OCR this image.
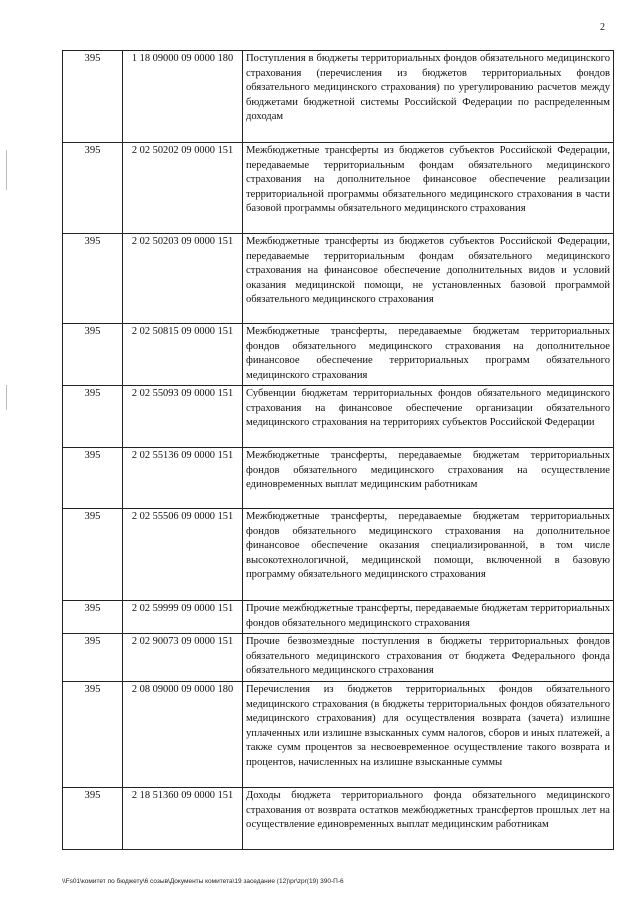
2
395	1 18 09000 09 0000 180	Поступления в бюджеты территориальных фондов обязательного медицинского страхования (перечисления из бюджетов территориальных фондов обязательного медицинского страхования) по урегулированию расчетов между бюджетами бюджетной системы Российской Федерации по распределенным доходам
395	2 02 50202 09 0000 151	Межбюджетные трансферты из бюджетов субъектов Российской Федерации, передаваемые территориальным фондам обязательного медицинского страхования на дополнительное финансовое обеспечение реализации территориальной программы обязательного медицинского страхования в части базовой программы обязательного медицинского страхования
395	2 02 50203 09 0000 151	Межбюджетные трансферты из бюджетов субъектов Российской Федерации, передаваемые территориальным фондам обязательного медицинского страхования на финансовое обеспечение дополнительных видов и условий оказания медицинской помощи, не установленных базовой программой обязательного медицинского страхования
395	2 02 50815 09 0000 151	Межбюджетные трансферты, передаваемые бюджетам территориальных фондов обязательного медицинского страхования на дополнительное финансовое обеспечение территориальных программ обязательного медицинского страхования
395	2 02 55093 09 0000 151	Субвенции бюджетам территориальных фондов обязательного медицинского страхования на финансовое обеспечение организации обязательного медицинского страхования на территориях субъектов Российской Федерации
395	2 02 55136 09 0000 151	Межбюджетные трансферты, передаваемые бюджетам территориальных фондов обязательного медицинского страхования на осуществление единовременных выплат медицинским работникам
395	2 02 55506 09 0000 151	Межбюджетные трансферты, передаваемые бюджетам территориальных фондов обязательного медицинского страхования на дополнительное финансовое обеспечение оказания специализированной, в том числе высокотехнологичной, медицинской помощи, включенной в базовую программу обязательного медицинского страхования
395	2 02 59999 09 0000 151	Прочие межбюджетные трансферты, передаваемые бюджетам территориальных фондов обязательного медицинского страхования
395	2 02 90073 09 0000 151	Прочие безвозмездные поступления в бюджеты территориальных фондов обязательного медицинского страхования от бюджета Федерального фонда обязательного медицинского страхования
395	2 08 09000 09 0000 180	Перечисления из бюджетов территориальных фондов обязательного медицинского страхования (в бюджеты территориальных фондов обязательного медицинского страхования) для осуществления возврата (зачета) излишне уплаченных или излишне взысканных сумм налогов, сборов и иных платежей, а также сумм процентов за несвоевременное осуществление такого возврата и процентов, начисленных на излишне взысканные суммы
395	2 18 51360 09 0000 151	Доходы бюджета территориального фонда обязательного медицинского страхования от возврата остатков межбюджетных трансфертов прошлых лет на осуществление единовременных выплат медицинским работникам
\\Fs01\комитет по бюджету\6 созыв\Документы комитета\19 заседание (12)\pr\zpr(19) 390-П-6
